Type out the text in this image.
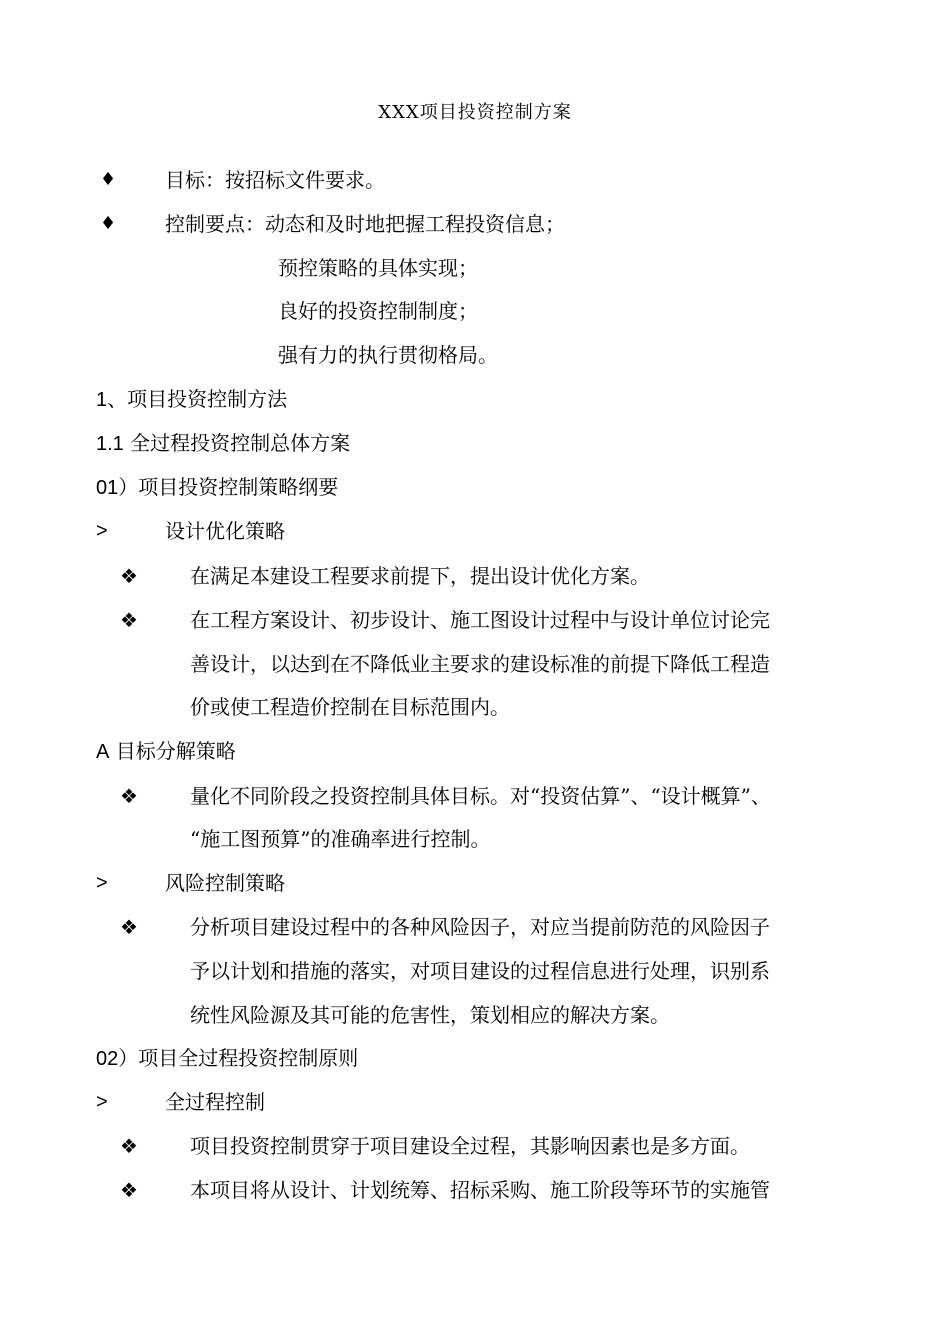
XXX项目投资控制方案
♦ 目标：按招标文件要求。
♦ 控制要点：动态和及时地把握工程投资信息；
预控策略的具体实现；
良好的投资控制制度；
强有力的执行贯彻格局。
1、项目投资控制方法
1.1 全过程投资控制总体方案
01）项目投资控制策略纲要
>	设计优化策略
❖	在满足本建设工程要求前提下，提出设计优化方案。
❖	在工程方案设计、初步设计、施工图设计过程中与设计单位讨论完
善设计，以达到在不降低业主要求的建设标准的前提下降低工程造
价或使工程造价控制在目标范围内。
A 目标分解策略
❖	量化不同阶段之投资控制具体目标。对“投资估算”、“设计概算”、
“施工图预算”的准确率进行控制。
>	风险控制策略
❖	分析项目建设过程中的各种风险因子，对应当提前防范的风险因子
予以计划和措施的落实，对项目建设的过程信息进行处理，识别系
统性风险源及其可能的危害性，策划相应的解决方案。
02）项目全过程投资控制原则
>	全过程控制
❖	项目投资控制贯穿于项目建设全过程，其影响因素也是多方面。
❖	本项目将从设计、计划统筹、招标采购、施工阶段等环节的实施管
